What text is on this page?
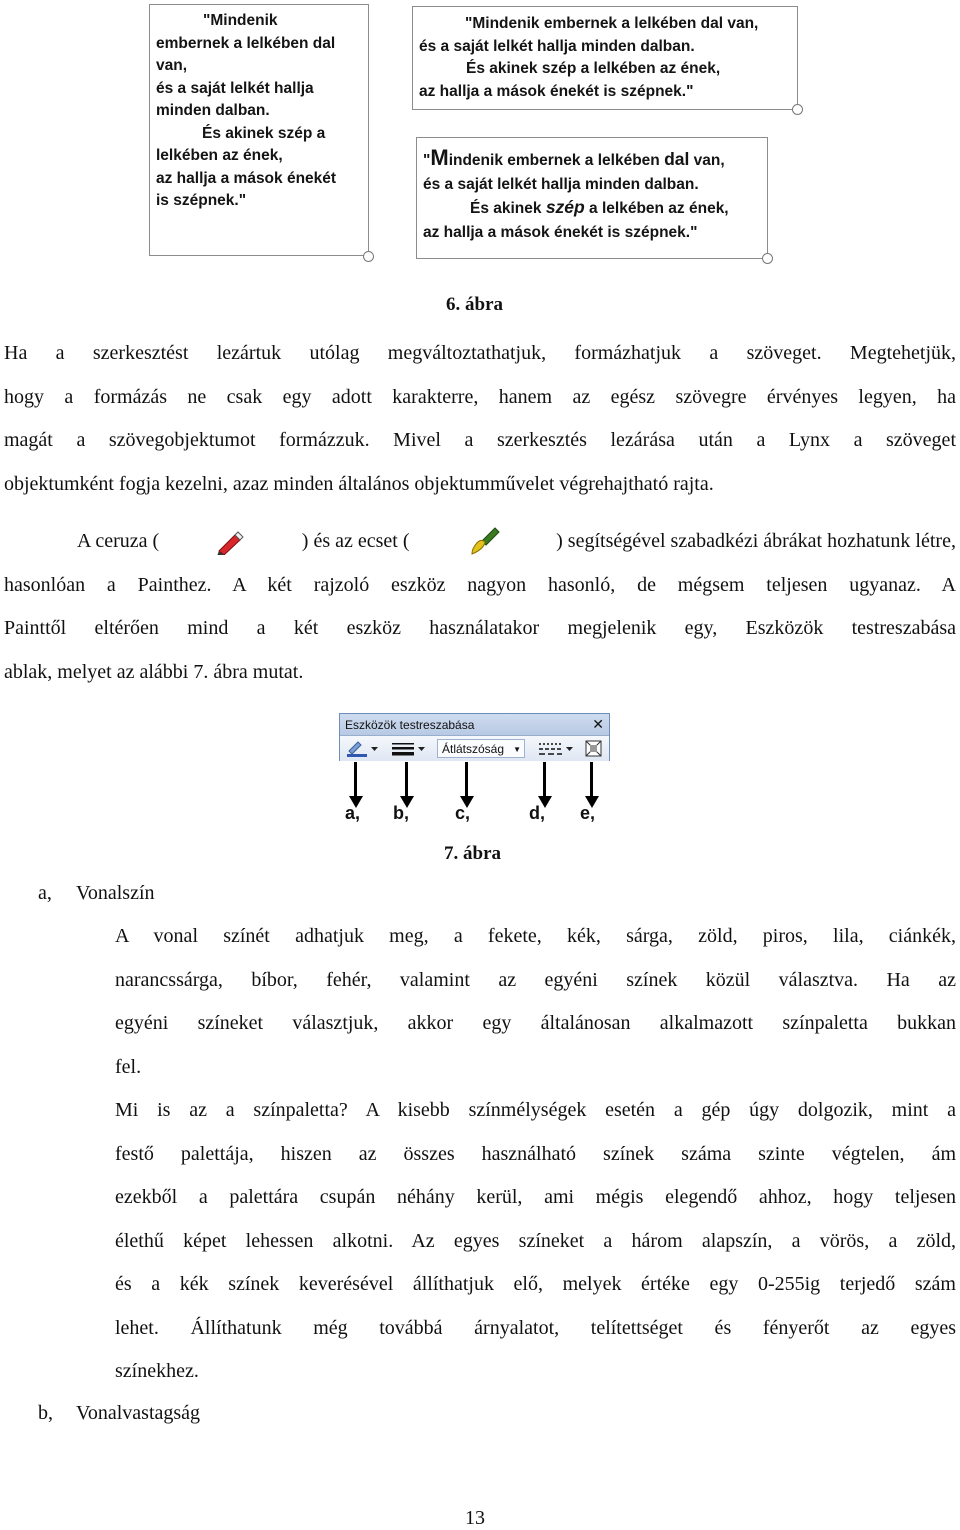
"Mindenik
embernek a lelkében dal
van,
és a saját lelkét hallja
minden dalban.
És akinek szép a
lelkében az ének,
az hallja a mások énekét
is szépnek."
"Mindenik embernek a lelkében dal van,
és a saját lelkét hallja minden dalban.
És akinek szép a lelkében az ének,
az hallja a mások énekét is szépnek."
"Mindenik embernek a lelkében dal van,
és a saját lelkét hallja minden dalban.
És akinek szép a lelkében az ének,
az hallja a mások énekét is szépnek."
6. ábra
Ha a szerkesztést lezártuk utólag megváltoztathatjuk, formázhatjuk a szöveget. Megtehetjük,
hogy a formázás ne csak egy adott karakterre, hanem az egész szövegre érvényes legyen, ha
magát a szövegobjektumot formázzuk. Mivel a szerkesztés lezárása után a Lynx a szöveget
objektumként fogja kezelni, azaz minden általános objektumművelet végrehajtható rajta.
A ceruza (	) és az ecset (	) segítségével szabadkézi ábrákat hozhatunk létre,
hasonlóan a Painthez. A két rajzoló eszköz nagyon hasonló, de mégsem teljesen ugyanaz. A
Painttől eltérően mind a két eszköz használatakor megjelenik egy, Eszközök testreszabása
ablak, melyet az alábbi 7. ábra mutat.
Eszközök testreszabása	✕
Átlátszóság ▼
a, b,	c,	d, e,
7. ábra
a, Vonalszín
A vonal színét adhatjuk meg, a fekete, kék, sárga, zöld, piros, lila, ciánkék,
narancssárga, bíbor, fehér, valamint az egyéni színek közül választva. Ha az
egyéni színeket választjuk, akkor egy általánosan alkalmazott színpaletta bukkan
fel.
Mi is az a színpaletta? A kisebb színmélységek esetén a gép úgy dolgozik, mint a
festő palettája, hiszen az összes használható színek száma szinte végtelen, ám
ezekből a palettára csupán néhány kerül, ami mégis elegendő ahhoz, hogy teljesen
élethű képet lehessen alkotni. Az egyes színeket a három alapszín, a vörös, a zöld,
és a kék színek keverésével állíthatjuk elő, melyek értéke egy 0-255ig terjedő szám
lehet. Állíthatunk még továbbá árnyalatot, telítettséget és fényerőt az egyes
színekhez.
b, Vonalvastagság
13
